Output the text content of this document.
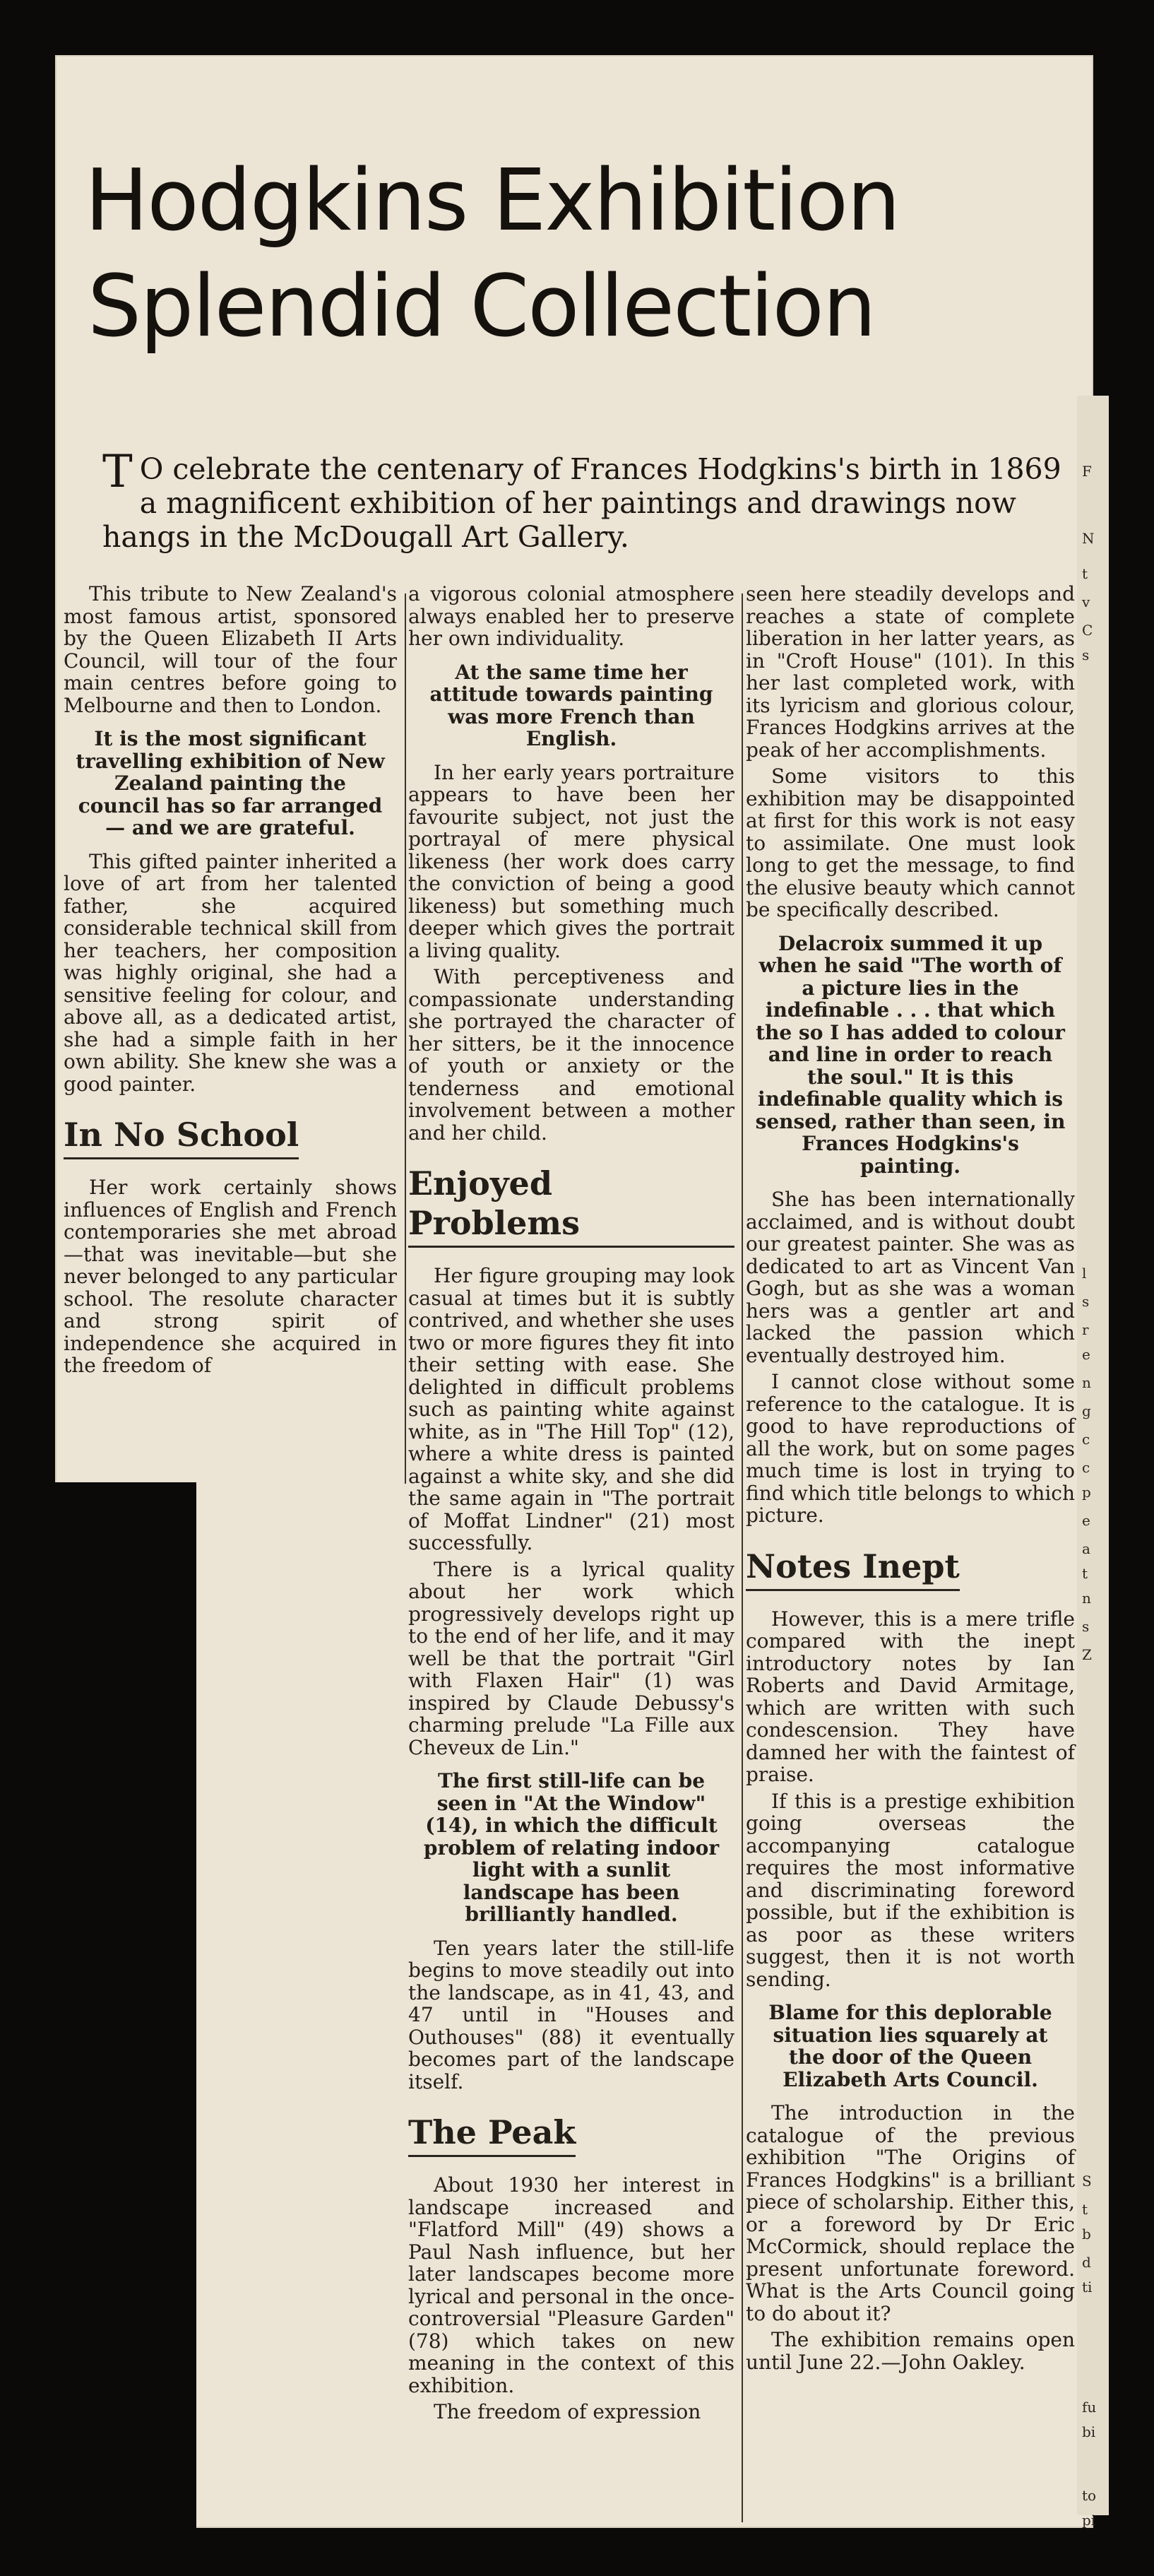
F
N
t
v
C
s
l
s
r
e
n
g
c
c
p
e
a
t
n
s
Z
S
t
b
d
ti
fu
bi
to
pi
Hodgkins Exhibition
Splendid Collection
T O celebrate the centenary of Frances Hodgkins's birth in 1869 a magnificent exhibition of her paintings and drawings now hangs in the McDougall Art Gallery.

This tribute to New Zealand's most famous artist, sponsored by the Queen Elizabeth II Arts Council, will tour of the four main centres before going to Melbourne and then to London.

It is the most significant travelling exhibition of New Zealand painting the council has so far arranged — and we are grateful.

This gifted painter inherited a love of art from her talented father, she acquired considerable technical skill from her teachers, her composition was highly original, she had a sensitive feeling for colour, and above all, as a dedicated artist, she had a simple faith in her own ability. She knew she was a good painter.

In No School

Her work certainly shows influences of English and French contemporaries she met abroad—that was inevitable—but she never belonged to any particular school. The resolute character and strong spirit of independence she acquired in the freedom of

a vigorous colonial atmosphere always enabled her to preserve her own individuality.

At the same time her attitude towards painting was more French than English.

In her early years portraiture appears to have been her favourite subject, not just the portrayal of mere physical likeness (her work does carry the conviction of being a good likeness) but something much deeper which gives the portrait a living quality.

With perceptiveness and compassionate understanding she portrayed the character of her sitters, be it the innocence of youth or anxiety or the tenderness and emotional involvement between a mother and her child.

Enjoyed Problems

Her figure grouping may look casual at times but it is subtly contrived, and whether she uses two or more figures they fit into their setting with ease. She delighted in difficult problems such as painting white against white, as in "The Hill Top" (12), where a white dress is painted against a white sky, and she did the same again in "The portrait of Moffat Lindner" (21) most successfully.

There is a lyrical quality about her work which progressively develops right up to the end of her life, and it may well be that the portrait "Girl with Flaxen Hair" (1) was inspired by Claude Debussy's charming prelude "La Fille aux Cheveux de Lin."

The first still-life can be seen in "At the Window" (14), in which the difficult problem of relating indoor light with a sunlit landscape has been brilliantly handled.

Ten years later the still-life begins to move steadily out into the landscape, as in 41, 43, and 47 until in "Houses and Outhouses" (88) it eventually becomes part of the landscape itself.

The Peak

About 1930 her interest in landscape increased and "Flatford Mill" (49) shows a Paul Nash influence, but her later landscapes become more lyrical and personal in the once-controversial "Pleasure Garden" (78) which takes on new meaning in the context of this exhibition.

The freedom of expression

seen here steadily develops and reaches a state of complete liberation in her latter years, as in "Croft House" (101). In this her last completed work, with its lyricism and glorious colour, Frances Hodgkins arrives at the peak of her accomplishments.

Some visitors to this exhibition may be disappointed at first for this work is not easy to assimilate. One must look long to get the message, to find the elusive beauty which cannot be specifically described.

Delacroix summed it up when he said "The worth of a picture lies in the indefinable . . . that which the so I has added to colour and line in order to reach the soul." It is this indefinable quality which is sensed, rather than seen, in Frances Hodgkins's painting.

She has been internationally acclaimed, and is without doubt our greatest painter. She was as dedicated to art as Vincent Van Gogh, but as she was a woman hers was a gentler art and lacked the passion which eventually destroyed him.

I cannot close without some reference to the catalogue. It is good to have reproductions of all the work, but on some pages much time is lost in trying to find which title belongs to which picture.

Notes Inept

However, this is a mere trifle compared with the inept introductory notes by Ian Roberts and David Armitage, which are written with such condescension. They have damned her with the faintest of praise.

If this is a prestige exhibition going overseas the accompanying catalogue requires the most informative and discriminating foreword possible, but if the exhibition is as poor as these writers suggest, then it is not worth sending.

Blame for this deplorable situation lies squarely at the door of the Queen Elizabeth Arts Council.

The introduction in the catalogue of the previous exhibition "The Origins of Frances Hodgkins" is a brilliant piece of scholarship. Either this, or a foreword by Dr Eric McCormick, should replace the present unfortunate foreword. What is the Arts Council going to do about it?

The exhibition remains open until June 22.—John Oakley.
